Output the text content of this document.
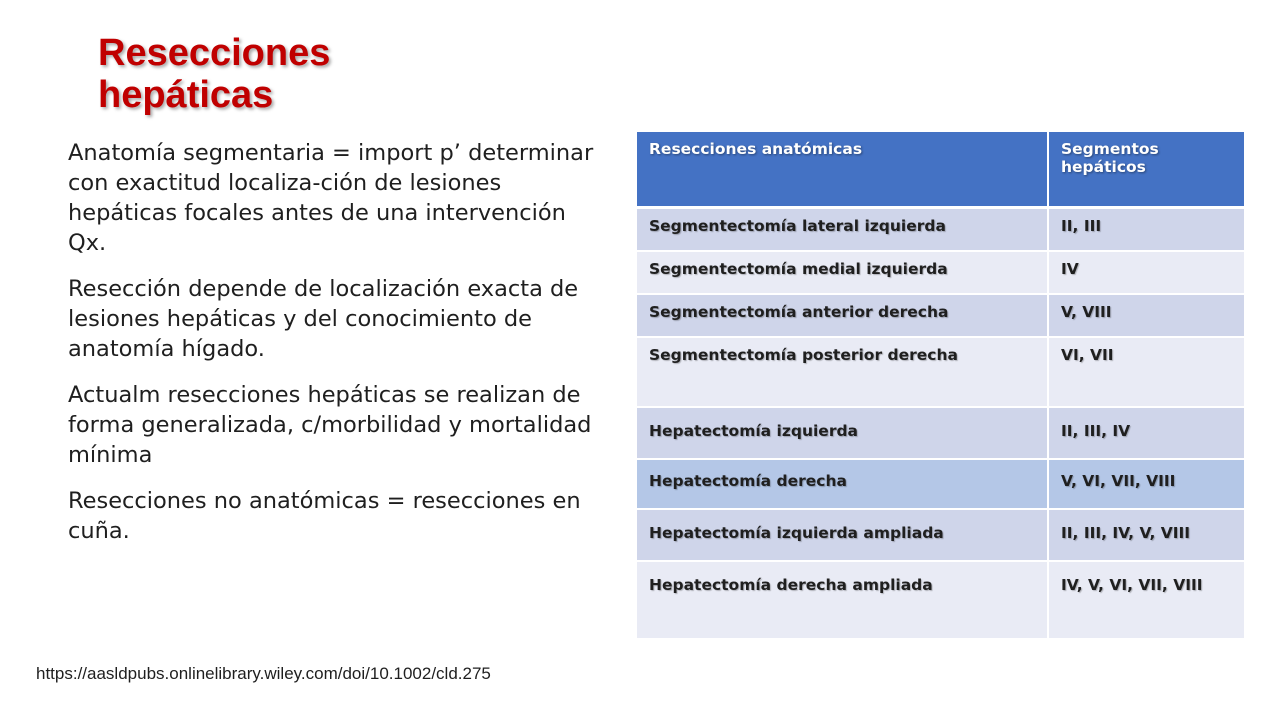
Resecciones hepáticas

Anatomía segmentaria = import p’ determinar con exactitud localiza-ción de lesiones hepáticas focales antes de una intervención Qx.

Resección depende de localización exacta de lesiones hepáticas y del conocimiento de anatomía hígado.

Actualm resecciones hepáticas se realizan de forma generalizada, c/morbilidad y mortalidad mínima

Resecciones no anatómicas = resecciones en cuña.

https://aasldpubs.onlinelibrary.wiley.com/doi/10.1002/cld.275
Resecciones anatómicas	Segmentos hepáticos
Segmentectomía lateral izquierda	II, III
Segmentectomía medial izquierda	IV
Segmentectomía anterior derecha	V, VIII
Segmentectomía posterior derecha	VI, VII
Hepatectomía izquierda	II, III, IV
Hepatectomía derecha	V, VI, VII, VIII
Hepatectomía izquierda ampliada	II, III, IV, V, VIII
Hepatectomía derecha ampliada	IV, V, VI, VII, VIII
